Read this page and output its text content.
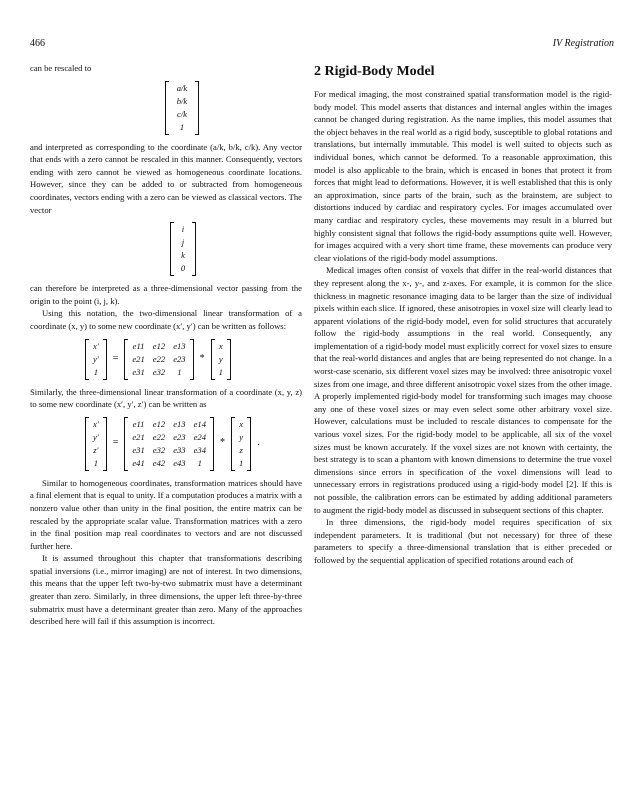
466	IV Registration

can be rescaled to

a/k
b/k
c/k
1

and interpreted as corresponding to the coordinate (a/k, b/k, c/k). Any vector that ends with a zero cannot be rescaled in this manner. Consequently, vectors ending with zero cannot be viewed as homogeneous coordinate locations. However, since they can be added to or subtracted from homogeneous coordinates, vectors ending with a zero can be viewed as classical vectors. The vector

i
j
k
0

can therefore be interpreted as a three-dimensional vector passing from the origin to the point (i, j, k).

Using this notation, the two-dimensional linear transformation of a coordinate (x, y) to some new coordinate (x′, y′) can be written as follows:

x′
y′
1
=
e11 e12 e13
e21 e22 e23
e31 e32	1
*
x
y
1

Similarly, the three-dimensional linear transformation of a coordinate (x, y, z) to some new coordinate (x′, y′, z′) can be written as

x′
y′
z′
1
=
e11 e12 e13 e14
e21 e22 e23 e24
e31 e32 e33 e34
e41 e42 e43	1
*
x
y
z
1
.

Similar to homogeneous coordinates, transformation matrices should have a final element that is equal to unity. If a computation produces a matrix with a nonzero value other than unity in the final position, the entire matrix can be rescaled by the appropriate scalar value. Transformation matrices with a zero in the final position map real coordinates to vectors and are not discussed further here.

It is assumed throughout this chapter that transformations describing spatial inversions (i.e., mirror imaging) are not of interest. In two dimensions, this means that the upper left two-by-two submatrix must have a determinant greater than zero. Similarly, in three dimensions, the upper left three-by-three submatrix must have a determinant greater than zero. Many of the approaches described here will fail if this assumption is incorrect.

2 Rigid-Body Model

For medical imaging, the most constrained spatial transformation model is the rigid-body model. This model asserts that distances and internal angles within the images cannot be changed during registration. As the name implies, this model assumes that the object behaves in the real world as a rigid body, susceptible to global rotations and translations, but internally immutable. This model is well suited to objects such as individual bones, which cannot be deformed. To a reasonable approximation, this model is also applicable to the brain, which is encased in bones that protect it from forces that might lead to deformations. However, it is well established that this is only an approximation, since parts of the brain, such as the brainstem, are subject to distortions induced by cardiac and respiratory cycles. For images accumulated over many cardiac and respiratory cycles, these movements may result in a blurred but highly consistent signal that follows the rigid-body assumptions quite well. However, for images acquired with a very short time frame, these movements can produce very clear violations of the rigid-body model assumptions.

Medical images often consist of voxels that differ in the real-world distances that they represent along the x-, y-, and z-axes. For example, it is common for the slice thickness in magnetic resonance imaging data to be larger than the size of individual pixels within each slice. If ignored, these anisotropies in voxel size will clearly lead to apparent violations of the rigid-body model, even for solid structures that accurately follow the rigid-body assumptions in the real world. Consequently, any implementation of a rigid-body model must explicitly correct for voxel sizes to ensure that the real-world distances and angles that are being represented do not change. In a worst-case scenario, six different voxel sizes may be involved: three anisotropic voxel sizes from one image, and three different anisotropic voxel sizes from the other image. A properly implemented rigid-body model for transforming such images may choose any one of these voxel sizes or may even select some other arbitrary voxel size. However, calculations must be included to rescale distances to compensate for the various voxel sizes. For the rigid-body model to be applicable, all six of the voxel sizes must be known accurately. If the voxel sizes are not known with certainty, the best strategy is to scan a phantom with known dimensions to determine the true voxel dimensions since errors in specification of the voxel dimensions will lead to unnecessary errors in registrations produced using a rigid-body model [2]. If this is not possible, the calibration errors can be estimated by adding additional parameters to augment the rigid-body model as discussed in subsequent sections of this chapter.

In three dimensions, the rigid-body model requires specification of six independent parameters. It is traditional (but not necessary) for three of these parameters to specify a three-dimensional translation that is either preceded or followed by the sequential application of specified rotations around each of
